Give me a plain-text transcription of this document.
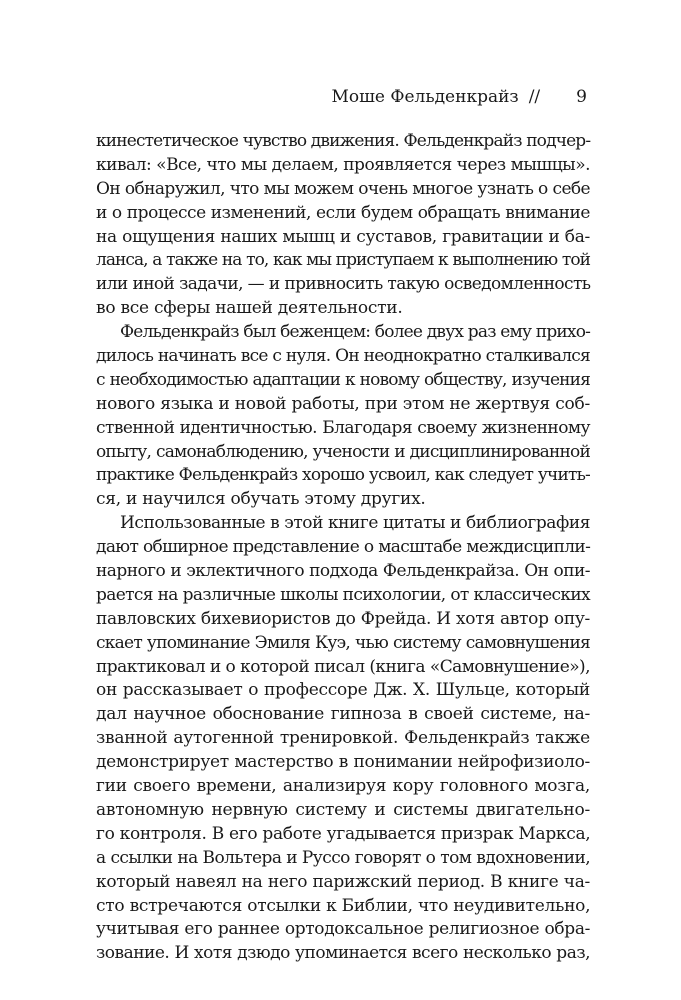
Моше Фельденкрайз // 9
кинестетическое чувство движения. Фельденкрайз подчер-
кивал: «Все, что мы делаем, проявляется через мышцы».
Он обнаружил, что мы можем очень многое узнать о себе
и о процессе изменений, если будем обращать внимание
на ощущения наших мышц и суставов, гравитации и ба-
ланса, а также на то, как мы приступаем к выполнению той
или иной задачи, — и привносить такую осведомленность
во все сферы нашей деятельности.
Фельденкрайз был беженцем: более двух раз ему прихо-
дилось начинать все с нуля. Он неоднократно сталкивался
с необходимостью адаптации к новому обществу, изучения
нового языка и новой работы, при этом не жертвуя соб-
ственной идентичностью. Благодаря своему жизненному
опыту, самонаблюдению, учености и дисциплинированной
практике Фельденкрайз хорошо усвоил, как следует учить-
ся, и научился обучать этому других.
Использованные в этой книге цитаты и библиография
дают обширное представление о масштабе междисципли-
нарного и эклектичного подхода Фельденкрайза. Он опи-
рается на различные школы психологии, от классических
павловских бихевиористов до Фрейда. И хотя автор опу-
скает упоминание Эмиля Куэ, чью систему самовнушения
практиковал и о которой писал (книга «Самовнушение»),
он рассказывает о профессоре Дж. Х. Шульце, который
дал научное обоснование гипноза в своей системе, на-
званной аутогенной тренировкой. Фельденкрайз также
демонстрирует мастерство в понимании нейрофизиоло-
гии своего времени, анализируя кору головного мозга,
автономную нервную систему и системы двигательно-
го контроля. В его работе угадывается призрак Маркса,
а ссылки на Вольтера и Руссо говорят о том вдохновении,
который навеял на него парижский период. В книге ча-
сто встречаются отсылки к Библии, что неудивительно,
учитывая его раннее ортодоксальное религиозное обра-
зование. И хотя дзюдо упоминается всего несколько раз,
